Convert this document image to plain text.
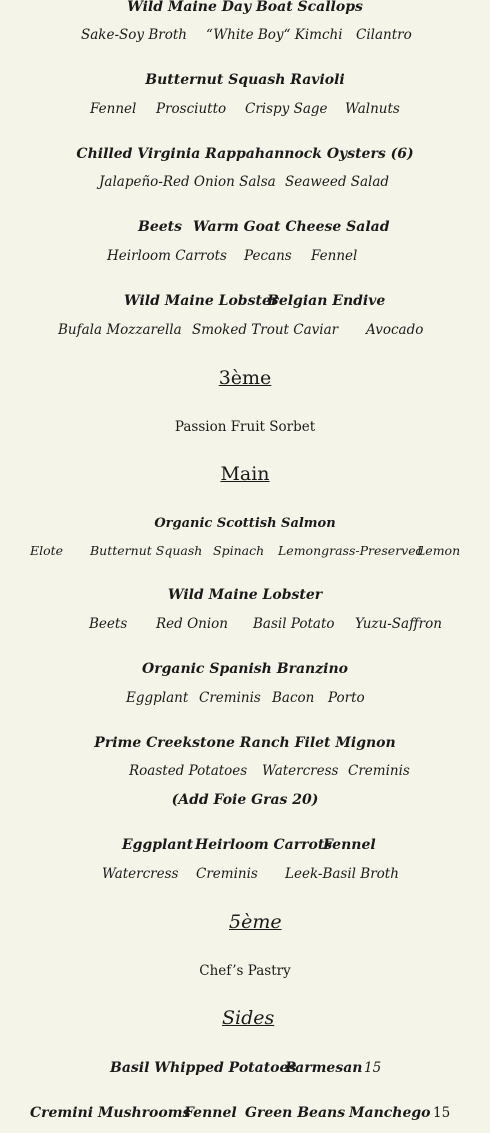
Wild Maine Day Boat Scallops
Sake-Soy Broth “White Boy“ Kimchi Cilantro
Butternut Squash Ravioli
Fennel Prosciutto Crispy Sage Walnuts
Chilled Virginia Rappahannock Oysters (6)
Jalapeño-Red Onion Salsa Seaweed Salad
Beets Warm Goat Cheese Salad
Heirloom Carrots Pecans Fennel
Wild Maine Lobster
Belgian Endive
Bufala Mozzarella Smoked Trout Caviar Avocado
3ème
Passion Fruit Sorbet
Main
Organic Scottish Salmon
Elote Butternut Squash Spinach Lemongrass-Preserved
Lemon
Wild Maine Lobster
Beets Red Onion Basil Potato Yuzu-Saffron
Organic Spanish Branzino
Eggplant Creminis Bacon Porto
Prime Creekstone Ranch Filet Mignon
Roasted Potatoes Watercress Creminis
(Add Foie Gras 20)
Eggplant Heirloom Carrots
Fennel
Watercress Creminis Leek-Basil Broth
5ème
Chef’s Pastry
Sides
Basil Whipped Potatoes
Parmesan 15
Cremini Mushrooms
Fennel Green Beans Manchego 15
